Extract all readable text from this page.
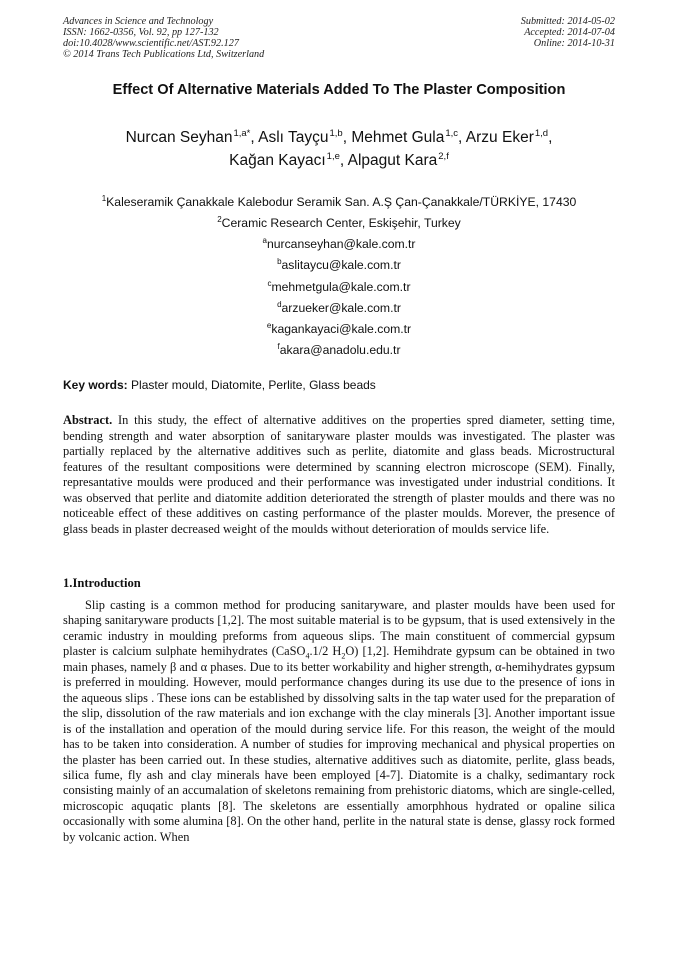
Advances in Science and Technology
ISSN: 1662-0356, Vol. 92, pp 127-132
doi:10.4028/www.scientific.net/AST.92.127
© 2014 Trans Tech Publications Ltd, Switzerland
Submitted: 2014-05-02
Accepted: 2014-07-04
Online: 2014-10-31
Effect Of Alternative Materials Added To The Plaster Composition
Nurcan Seyhan$^{1,a*}$, Aslı Tayçu$^{1,b}$, Mehmet Gula$^{1,c}$, Arzu Eker$^{1,d}$,
Kağan Kayacı$^{1,e}$, Alpagut Kara$^{2,f}$
$^1$Kaleseramik Çanakkale Kalebodur Seramik San. A.Ş Çan-Çanakkale/TÜRKİYE, 17430
$^2$Ceramic Research Center, Eskişehir, Turkey
$^a$nurcanseyhan@kale.com.tr
$^b$aslitaycu@kale.com.tr
$^c$mehmetgula@kale.com.tr
$^d$arzueker@kale.com.tr
$^e$kagankayaci@kale.com.tr
$^f$akara@anadolu.edu.tr
Key words: Plaster mould, Diatomite, Perlite, Glass beads
Abstract. In this study, the effect of alternative additives on the properties spred diameter, setting time, bending strength and water absorption of sanitaryware plaster moulds was investigated. The plaster was partially replaced by the alternative additives such as perlite, diatomite and glass beads. Microstructural features of the resultant compositions were determined by scanning electron microscope (SEM). Finally, represantative moulds were produced and their performance was investigated under industrial conditions. It was observed that perlite and diatomite addition deteriorated the strength of plaster moulds and there was no noticeable effect of these additives on casting performance of the plaster moulds. Morever, the presence of glass beads in plaster decreased weight of the moulds without deterioration of moulds service life.
1.Introduction
Slip casting is a common method for producing sanitaryware, and plaster moulds have been used for shaping sanitaryware products [1,2]. The most suitable material is to be gypsum, that is used extensively in the ceramic industry in moulding preforms from aqueous slips. The main constituent of commercial gypsum plaster is calcium sulphate hemihydrates (CaSO$_4$.1/2 $H_2O$) [1,2]. Hemihdrate gypsum can be obtained in two main phases, namely β and α phases. Due to its better workability and higher strength, α-hemihydrates gypsum is preferred in moulding. However, mould performance changes during its use due to the presence of ions in the aqueous slips . These ions can be established by dissolving salts in the tap water used for the preparation of the slip, dissolution of the raw materials and ion exchange with the clay minerals [3]. Another important issue is of the installation and operation of the mould during service life. For this reason, the weight of the mould has to be taken into consideration. A number of studies for improving mechanical and physical properties on the plaster has been carried out. In these studies, alternative additives such as diatomite, perlite, glass beads, silica fume, fly ash and clay minerals have been employed [4-7]. Diatomite is a chalky, sedimantary rock consisting mainly of an accumalation of skeletons remaining from prehistoric diatoms, which are single-celled, microscopic aquqatic plants [8]. The skeletons are essentially amorphhous hydrated or opaline silica occasionally with some alumina [8]. On the other hand, perlite in the natural state is dense, glassy rock formed by volcanic action. When
